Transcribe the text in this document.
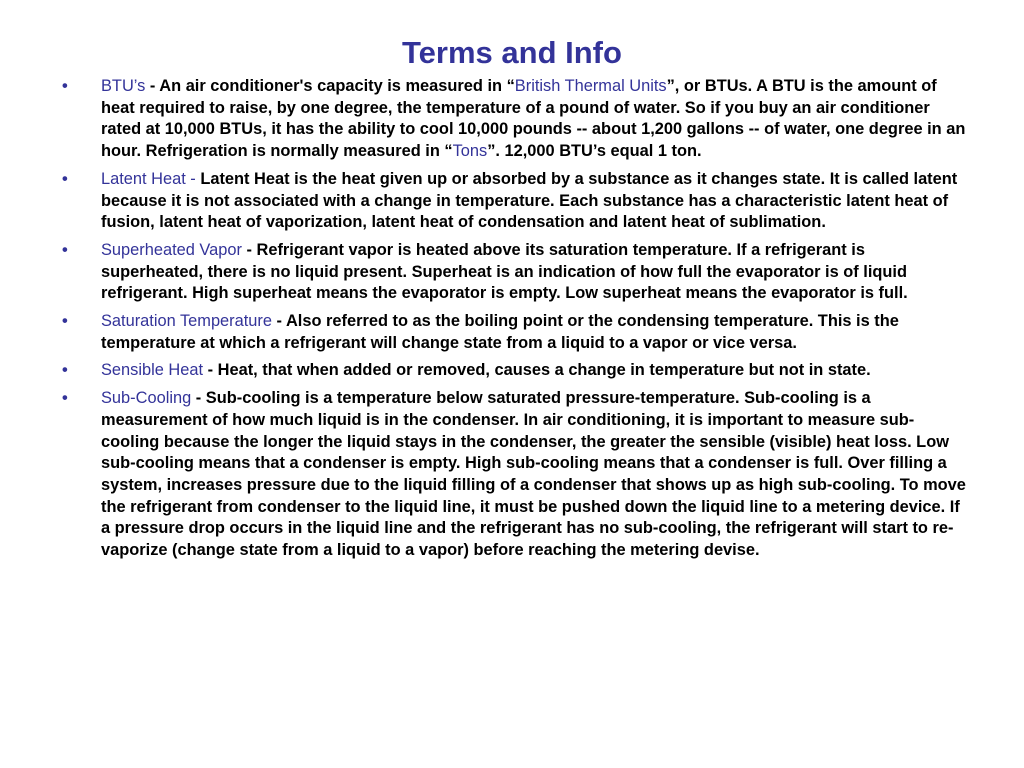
Terms and Info
• BTU’s - An air conditioner's capacity is measured in “British Thermal Units”, or BTUs. A BTU is the amount of heat required to raise, by one degree, the temperature of a pound of water. So if you buy an air conditioner rated at 10,000 BTUs, it has the ability to cool 10,000 pounds -- about 1,200 gallons -- of water, one degree in an hour. Refrigeration is normally measured in “Tons”. 12,000 BTU’s equal 1 ton.
• Latent Heat - Latent Heat is the heat given up or absorbed by a substance as it changes state. It is called latent because it is not associated with a change in temperature. Each substance has a characteristic latent heat of fusion, latent heat of vaporization, latent heat of condensation and latent heat of sublimation.
• Superheated Vapor - Refrigerant vapor is heated above its saturation temperature. If a refrigerant is superheated, there is no liquid present. Superheat is an indication of how full the evaporator is of liquid refrigerant. High superheat means the evaporator is empty. Low superheat means the evaporator is full.
• Saturation Temperature - Also referred to as the boiling point or the condensing temperature. This is the temperature at which a refrigerant will change state from a liquid to a vapor or vice versa.
• Sensible Heat - Heat, that when added or removed, causes a change in temperature but not in state.
• Sub-Cooling - Sub-cooling is a temperature below saturated pressure-temperature. Sub-cooling is a measurement of how much liquid is in the condenser. In air conditioning, it is important to measure sub-cooling because the longer the liquid stays in the condenser, the greater the sensible (visible) heat loss. Low sub-cooling means that a condenser is empty. High sub-cooling means that a condenser is full. Over filling a system, increases pressure due to the liquid filling of a condenser that shows up as high sub-cooling. To move the refrigerant from condenser to the liquid line, it must be pushed down the liquid line to a metering device. If a pressure drop occurs in the liquid line and the refrigerant has no sub-cooling, the refrigerant will start to re-vaporize (change state from a liquid to a vapor) before reaching the metering devise.
